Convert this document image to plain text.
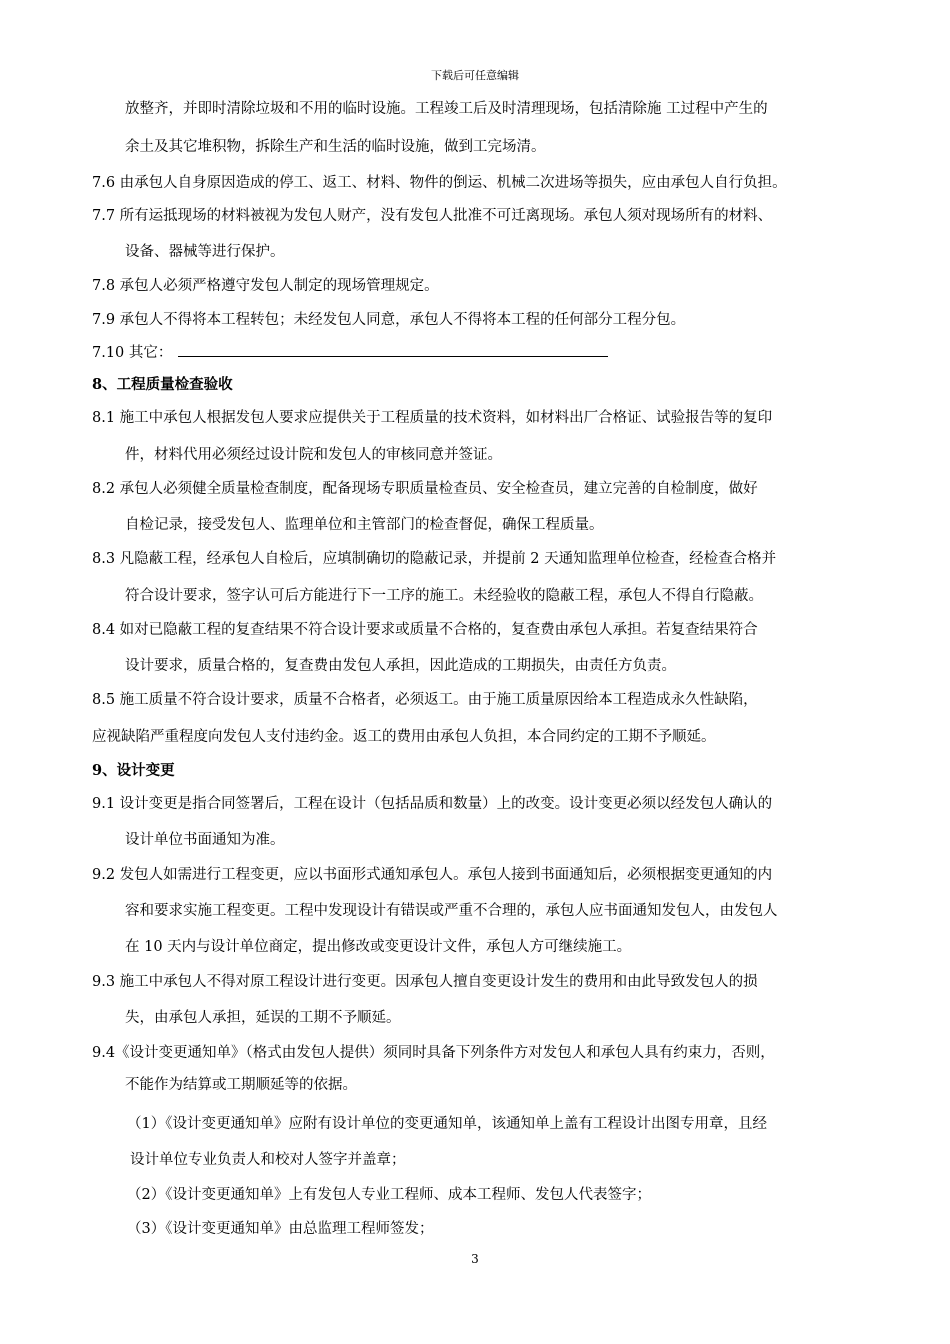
下载后可任意编辑
放整齐，并即时清除垃圾和不用的临时设施。工程竣工后及时清理现场，包括清除施 工过程中产生的
余土及其它堆积物，拆除生产和生活的临时设施，做到工完场清。
7.6 由承包人自身原因造成的停工、返工、材料、物件的倒运、机械二次进场等损失，应由承包人自行负担。
7.7 所有运抵现场的材料被视为发包人财产，没有发包人批准不可迁离现场。承包人须对现场所有的材料、
设备、器械等进行保护。
7.8 承包人必须严格遵守发包人制定的现场管理规定。
7.9 承包人不得将本工程转包；未经发包人同意，承包人不得将本工程的任何部分工程分包。
7.10 其它：
8、工程质量检查验收
8.1 施工中承包人根据发包人要求应提供关于工程质量的技术资料，如材料出厂合格证、试验报告等的复印
件，材料代用必须经过设计院和发包人的审核同意并签证。
8.2 承包人必须健全质量检查制度，配备现场专职质量检查员、安全检查员，建立完善的自检制度，做好
自检记录，接受发包人、监理单位和主管部门的检查督促，确保工程质量。
8.3 凡隐蔽工程，经承包人自检后，应填制确切的隐蔽记录，并提前 2 天通知监理单位检查，经检查合格并
符合设计要求，签字认可后方能进行下一工序的施工。未经验收的隐蔽工程，承包人不得自行隐蔽。
8.4 如对已隐蔽工程的复查结果不符合设计要求或质量不合格的，复查费由承包人承担。若复查结果符合
设计要求，质量合格的，复查费由发包人承担，因此造成的工期损失，由责任方负责。
8.5 施工质量不符合设计要求，质量不合格者，必须返工。由于施工质量原因给本工程造成永久性缺陷，
应视缺陷严重程度向发包人支付违约金。返工的费用由承包人负担，本合同约定的工期不予顺延。
9、设计变更
9.1 设计变更是指合同签署后，工程在设计（包括品质和数量）上的改变。设计变更必须以经发包人确认的
设计单位书面通知为准。
9.2 发包人如需进行工程变更，应以书面形式通知承包人。承包人接到书面通知后，必须根据变更通知的内
容和要求实施工程变更。工程中发现设计有错误或严重不合理的，承包人应书面通知发包人，由发包人
在 10 天内与设计单位商定，提出修改或变更设计文件，承包人方可继续施工。
9.3 施工中承包人不得对原工程设计进行变更。因承包人擅自变更设计发生的费用和由此导致发包人的损
失，由承包人承担，延误的工期不予顺延。
9.4《设计变更通知单》（格式由发包人提供）须同时具备下列条件方对发包人和承包人具有约束力，否则，
不能作为结算或工期顺延等的依据。
（1）《设计变更通知单》应附有设计单位的变更通知单，该通知单上盖有工程设计出图专用章，且经
设计单位专业负责人和校对人签字并盖章；
（2）《设计变更通知单》上有发包人专业工程师、成本工程师、发包人代表签字；
（3）《设计变更通知单》由总监理工程师签发；
3
